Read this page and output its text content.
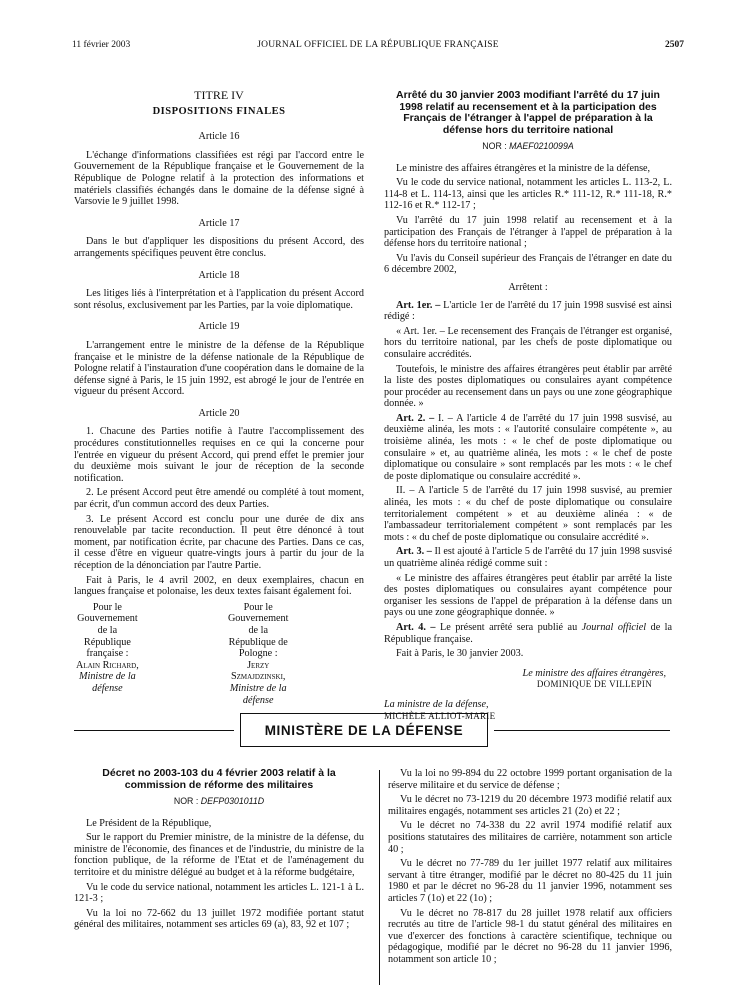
11 février 2003	JOURNAL OFFICIEL DE LA RÉPUBLIQUE FRANÇAISE	2507

TITRE IV

DISPOSITIONS FINALES

Article 16

L'échange d'informations classifiées est régi par l'accord entre le Gouvernement de la République française et le Gouvernement de la République de Pologne relatif à la protection des informations et matériels classifiés échangés dans le domaine de la défense signé à Varsovie le 9 juillet 1998.

Article 17

Dans le but d'appliquer les dispositions du présent Accord, des arrangements spécifiques peuvent être conclus.

Article 18

Les litiges liés à l'interprétation et à l'application du présent Accord sont résolus, exclusivement par les Parties, par la voie diplomatique.

Article 19

L'arrangement entre le ministre de la défense de la République française et le ministre de la défense nationale de la République de Pologne relatif à l'instauration d'une coopération dans le domaine de la défense signé à Paris, le 15 juin 1992, est abrogé le jour de l'entrée en vigueur du présent Accord.

Article 20

1. Chacune des Parties notifie à l'autre l'accomplissement des procédures constitutionnelles requises en ce qui la concerne pour l'entrée en vigueur du présent Accord, qui prend effet le premier jour du deuxième mois suivant le jour de réception de la seconde notification.

2. Le présent Accord peut être amendé ou complété à tout moment, par écrit, d'un commun accord des deux Parties.

3. Le présent Accord est conclu pour une durée de dix ans renouvelable par tacite reconduction. Il peut être dénoncé à tout moment, par notification écrite, par chacune des Parties. Dans ce cas, il cesse d'être en vigueur quatre-vingts jours à partir du jour de la réception de la dénonciation par l'autre Partie.

Fait à Paris, le 4 avril 2002, en deux exemplaires, chacun en langues française et polonaise, les deux textes faisant également foi.

Pour le Gouvernement
de la République française :
Alain Richard,
Ministre de la défense
Pour le Gouvernement
de la République de Pologne :
Jerzy Szmajdzinski,
Ministre de la défense

Arrêté du 30 janvier 2003 modifiant l'arrêté du 17 juin 1998 relatif au recensement et à la participation des Français de l'étranger à l'appel de préparation à la défense hors du territoire national

NOR : MAEF0210099A

Le ministre des affaires étrangères et la ministre de la défense,

Vu le code du service national, notamment les articles L. 113-2, L. 114-8 et L. 114-13, ainsi que les articles R.* 111-12, R.* 111-18, R.* 112-16 et R.* 112-17 ;

Vu l'arrêté du 17 juin 1998 relatif au recensement et à la participation des Français de l'étranger à l'appel de préparation à la défense hors du territoire national ;

Vu l'avis du Conseil supérieur des Français de l'étranger en date du 6 décembre 2002,

Arrêtent :

Art. 1er. – L'article 1er de l'arrêté du 17 juin 1998 susvisé est ainsi rédigé :

« Art. 1er. – Le recensement des Français de l'étranger est organisé, hors du territoire national, par les chefs de poste diplomatique ou consulaire accrédités.

Toutefois, le ministre des affaires étrangères peut établir par arrêté la liste des postes diplomatiques ou consulaires ayant compétence pour procéder au recensement dans un pays ou une zone géographique donnée. »

Art. 2. – I. – A l'article 4 de l'arrêté du 17 juin 1998 susvisé, au deuxième alinéa, les mots : « l'autorité consulaire compétente », au troisième alinéa, les mots : « le chef de poste diplomatique ou consulaire » et, au quatrième alinéa, les mots : « le chef de poste diplomatique ou consulaire » sont remplacés par les mots : « le chef de poste diplomatique ou consulaire accrédité ».

II. – A l'article 5 de l'arrêté du 17 juin 1998 susvisé, au premier alinéa, les mots : « du chef de poste diplomatique ou consulaire territorialement compétent » et au deuxième alinéa : « de l'ambassadeur territorialement compétent » sont remplacés par les mots : « du chef de poste diplomatique ou consulaire accrédité ».

Art. 3. – Il est ajouté à l'article 5 de l'arrêté du 17 juin 1998 susvisé un quatrième alinéa rédigé comme suit :

« Le ministre des affaires étrangères peut établir par arrêté la liste des postes diplomatiques ou consulaires ayant compétence pour organiser les sessions de l'appel de préparation à la défense dans un pays ou une zone géographique donnée. »

Art. 4. – Le présent arrêté sera publié au Journal officiel de la République française.

Fait à Paris, le 30 janvier 2003.

Le ministre des affaires étrangères,

DOMINIQUE DE VILLEPIN

La ministre de la défense,

MICHÈLE ALLIOT-MARIE

MINISTÈRE DE LA DÉFENSE

Décret no 2003-103 du 4 février 2003 relatif à la commission de réforme des militaires

NOR : DEFP0301011D

Le Président de la République,

Sur le rapport du Premier ministre, de la ministre de la défense, du ministre de l'économie, des finances et de l'industrie, du ministre de la fonction publique, de la réforme de l'Etat et de l'aménagement du territoire et du ministre délégué au budget et à la réforme budgétaire,

Vu le code du service national, notamment les articles L. 121-1 à L. 121-3 ;

Vu la loi no 72-662 du 13 juillet 1972 modifiée portant statut général des militaires, notamment ses articles 69 (a), 83, 92 et 107 ;

Vu la loi no 99-894 du 22 octobre 1999 portant organisation de la réserve militaire et du service de défense ;

Vu le décret no 73-1219 du 20 décembre 1973 modifié relatif aux militaires engagés, notamment ses articles 21 (2o) et 22 ;

Vu le décret no 74-338 du 22 avril 1974 modifié relatif aux positions statutaires des militaires de carrière, notamment son article 40 ;

Vu le décret no 77-789 du 1er juillet 1977 relatif aux militaires servant à titre étranger, modifié par le décret no 80-425 du 11 juin 1980 et par le décret no 96-28 du 11 janvier 1996, notamment ses articles 7 (1o) et 22 (1o) ;

Vu le décret no 78-817 du 28 juillet 1978 relatif aux officiers recrutés au titre de l'article 98-1 du statut général des militaires en vue d'exercer des fonctions à caractère scientifique, technique ou pédagogique, modifié par le décret no 96-28 du 11 janvier 1996, notamment son article 10 ;
